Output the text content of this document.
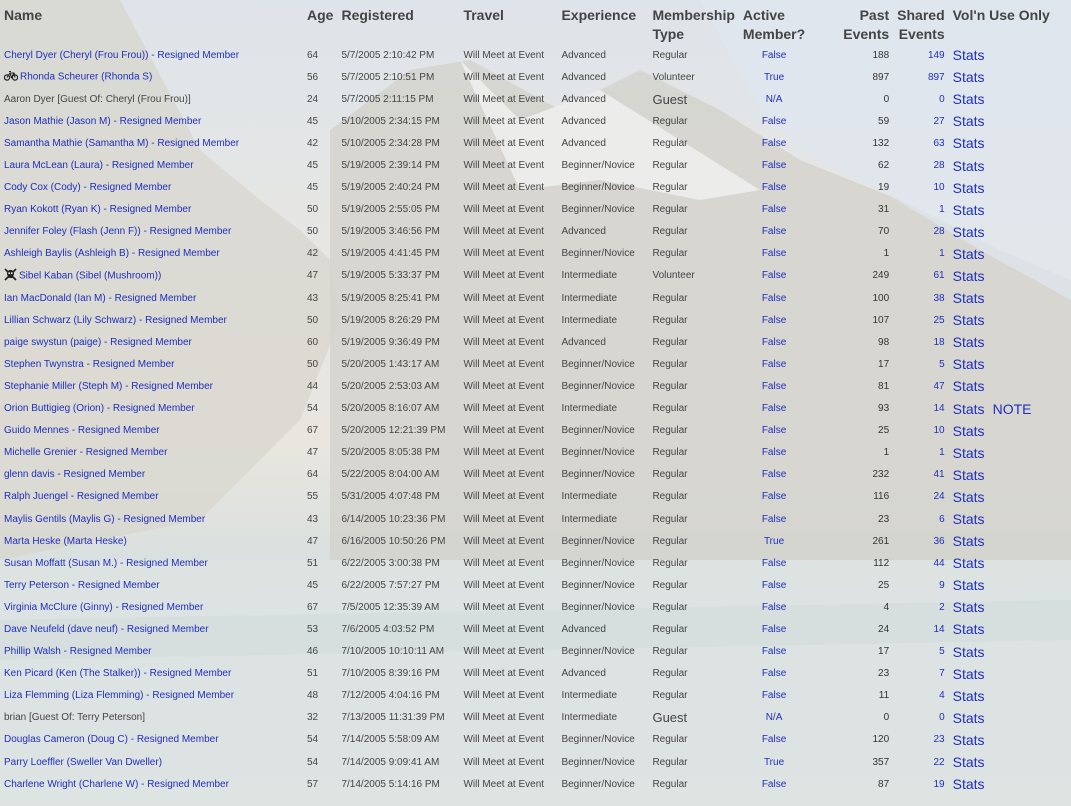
Name	Age	Registered	Travel	Experience	Membership Type	Active Member?	Past Events	Shared Events	Vol'n Use Only	
Cheryl Dyer (Cheryl (Frou Frou)) - Resigned Member	64	5/7/2005 2:10:42 PM	Will Meet at Event	Advanced	Regular	False	188	149	Stats	
Rhonda Scheurer (Rhonda S)	56	5/7/2005 2:10:51 PM	Will Meet at Event	Advanced	Volunteer	True	897	897	Stats	
Aaron Dyer [Guest Of: Cheryl (Frou Frou)]	24	5/7/2005 2:11:15 PM	Will Meet at Event	Advanced	Guest	N/A	0	0	Stats	
Jason Mathie (Jason M) - Resigned Member	45	5/10/2005 2:34:15 PM	Will Meet at Event	Advanced	Regular	False	59	27	Stats	
Samantha Mathie (Samantha M) - Resigned Member	42	5/10/2005 2:34:28 PM	Will Meet at Event	Advanced	Regular	False	132	63	Stats	
Laura McLean (Laura) - Resigned Member	45	5/19/2005 2:39:14 PM	Will Meet at Event	Beginner/Novice	Regular	False	62	28	Stats	
Cody Cox (Cody) - Resigned Member	45	5/19/2005 2:40:24 PM	Will Meet at Event	Beginner/Novice	Regular	False	19	10	Stats	
Ryan Kokott (Ryan K) - Resigned Member	50	5/19/2005 2:55:05 PM	Will Meet at Event	Beginner/Novice	Regular	False	31	1	Stats	
Jennifer Foley (Flash (Jenn F)) - Resigned Member	50	5/19/2005 3:46:56 PM	Will Meet at Event	Advanced	Regular	False	70	28	Stats	
Ashleigh Baylis (Ashleigh B) - Resigned Member	42	5/19/2005 4:41:45 PM	Will Meet at Event	Beginner/Novice	Regular	False	1	1	Stats	
Sibel Kaban (Sibel (Mushroom))	47	5/19/2005 5:33:37 PM	Will Meet at Event	Intermediate	Volunteer	False	249	61	Stats	
Ian MacDonald (Ian M) - Resigned Member	43	5/19/2005 8:25:41 PM	Will Meet at Event	Intermediate	Regular	False	100	38	Stats	
Lillian Schwarz (Lily Schwarz) - Resigned Member	50	5/19/2005 8:26:29 PM	Will Meet at Event	Intermediate	Regular	False	107	25	Stats	
paige swystun (paige) - Resigned Member	60	5/19/2005 9:36:49 PM	Will Meet at Event	Advanced	Regular	False	98	18	Stats	
Stephen Twynstra - Resigned Member	50	5/20/2005 1:43:17 AM	Will Meet at Event	Beginner/Novice	Regular	False	17	5	Stats	
Stephanie Miller (Steph M) - Resigned Member	44	5/20/2005 2:53:03 AM	Will Meet at Event	Beginner/Novice	Regular	False	81	47	Stats	
Orion Buttigieg (Orion) - Resigned Member	54	5/20/2005 8:16:07 AM	Will Meet at Event	Intermediate	Regular	False	93	14	Stats	NOTE
Guido Mennes - Resigned Member	67	5/20/2005 12:21:39 PM	Will Meet at Event	Beginner/Novice	Regular	False	25	10	Stats	
Michelle Grenier - Resigned Member	47	5/20/2005 8:05:38 PM	Will Meet at Event	Beginner/Novice	Regular	False	1	1	Stats	
glenn davis - Resigned Member	64	5/22/2005 8:04:00 AM	Will Meet at Event	Beginner/Novice	Regular	False	232	41	Stats	
Ralph Juengel - Resigned Member	55	5/31/2005 4:07:48 PM	Will Meet at Event	Intermediate	Regular	False	116	24	Stats	
Maylis Gentils (Maylis G) - Resigned Member	43	6/14/2005 10:23:36 PM	Will Meet at Event	Intermediate	Regular	False	23	6	Stats	
Marta Heske (Marta Heske)	47	6/16/2005 10:50:26 PM	Will Meet at Event	Beginner/Novice	Regular	True	261	36	Stats	
Susan Moffatt (Susan M.) - Resigned Member	51	6/22/2005 3:00:38 PM	Will Meet at Event	Beginner/Novice	Regular	False	112	44	Stats	
Terry Peterson - Resigned Member	45	6/22/2005 7:57:27 PM	Will Meet at Event	Beginner/Novice	Regular	False	25	9	Stats	
Virginia McClure (Ginny) - Resigned Member	67	7/5/2005 12:35:39 AM	Will Meet at Event	Beginner/Novice	Regular	False	4	2	Stats	
Dave Neufeld (dave neuf) - Resigned Member	53	7/6/2005 4:03:52 PM	Will Meet at Event	Advanced	Regular	False	24	14	Stats	
Phillip Walsh - Resigned Member	46	7/10/2005 10:10:11 AM	Will Meet at Event	Beginner/Novice	Regular	False	17	5	Stats	
Ken Picard (Ken (The Stalker)) - Resigned Member	51	7/10/2005 8:39:16 PM	Will Meet at Event	Advanced	Regular	False	23	7	Stats	
Liza Flemming (Liza Flemming) - Resigned Member	48	7/12/2005 4:04:16 PM	Will Meet at Event	Intermediate	Regular	False	11	4	Stats	
brian [Guest Of: Terry Peterson]	32	7/13/2005 11:31:39 PM	Will Meet at Event	Intermediate	Guest	N/A	0	0	Stats	
Douglas Cameron (Doug C) - Resigned Member	54	7/14/2005 5:58:09 AM	Will Meet at Event	Beginner/Novice	Regular	False	120	23	Stats	
Parry Loeffler (Sweller Van Dweller)	54	7/14/2005 9:09:41 AM	Will Meet at Event	Beginner/Novice	Regular	True	357	22	Stats	
Charlene Wright (Charlene W) - Resigned Member	57	7/14/2005 5:14:16 PM	Will Meet at Event	Beginner/Novice	Regular	False	87	19	Stats	
